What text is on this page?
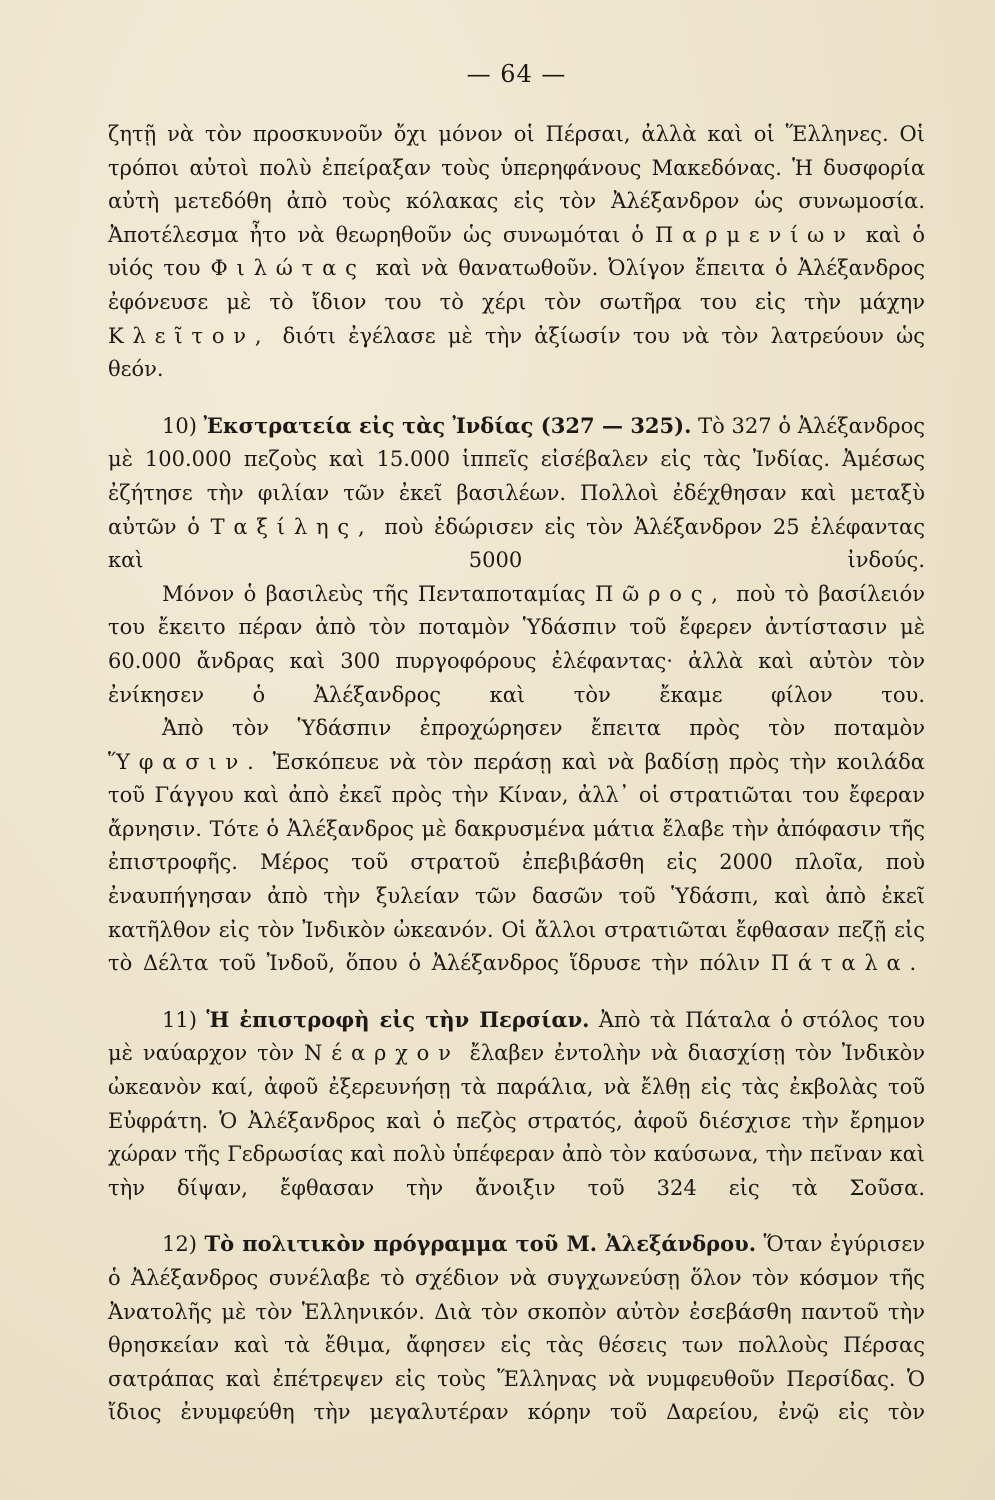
— 64 —

ζητῇ νὰ τὸν προσκυνοῦν ὄχι μόνον οἱ Πέρσαι, ἀλλὰ καὶ οἱ Ἕλληνες. Οἱ τρόποι αὐτοὶ πολὺ ἐπείραξαν τοὺς ὑπερηφάνους Μακεδόνας. Ἡ δυσφορία αὐτὴ μετεδόθη ἀπὸ τοὺς κόλακας εἰς τὸν Ἀλέξανδρον ὡς συνωμοσία. Ἀποτέλεσμα ἦτο νὰ θεωρηθοῦν ὡς συνωμόται ὁ Παρμενίων καὶ ὁ υἱός του Φιλώτας καὶ νὰ θανατωθοῦν. Ὀλίγον ἔπειτα ὁ Ἀλέξανδρος ἐφόνευσε μὲ τὸ ἴδιον του τὸ χέρι τὸν σωτῆρα του εἰς τὴν μάχην Κλεῖτον, διότι ἐγέλασε μὲ τὴν ἀξίωσίν του νὰ τὸν λατρεύουν ὡς θεόν.

10) Ἐκστρατεία εἰς τὰς Ἰνδίας (327 — 325). Τὸ 327 ὁ Ἀλέξανδρος μὲ 100.000 πεζοὺς καὶ 15.000 ἱππεῖς εἰσέβαλεν εἰς τὰς Ἰνδίας. Ἀμέσως ἐζήτησε τὴν φιλίαν τῶν ἐκεῖ βασιλέων. Πολλοὶ ἐδέχθησαν καὶ μεταξὺ αὐτῶν ὁ Ταξίλης, ποὺ ἐδώρισεν εἰς τὸν Ἀλέξανδρον 25 ἐλέφαντας καὶ 5000 ἰνδούς.

Μόνον ὁ βασιλεὺς τῆς Πενταποταμίας Πῶρος, ποὺ τὸ βασίλειόν του ἔκειτο πέραν ἀπὸ τὸν ποταμὸν Ὑδάσπιν τοῦ ἔφερεν ἀντίστασιν μὲ 60.000 ἄνδρας καὶ 300 πυργοφόρους ἐλέφαντας· ἀλλὰ καὶ αὐτὸν τὸν ἐνίκησεν ὁ Ἀλέξανδρος καὶ τὸν ἔκαμε φίλον του.

Ἀπὸ τὸν Ὑδάσπιν ἐπροχώρησεν ἔπειτα πρὸς τὸν ποταμὸν Ὕφασιν. Ἐσκόπευε νὰ τὸν περάσῃ καὶ νὰ βαδίσῃ πρὸς τὴν κοιλάδα τοῦ Γάγγου καὶ ἀπὸ ἐκεῖ πρὸς τὴν Κίναν, ἀλλ᾽ οἱ στρατιῶται του ἔφεραν ἄρνησιν. Τότε ὁ Ἀλέξανδρος μὲ δακρυσμένα μάτια ἔλαβε τὴν ἀπόφασιν τῆς ἐπιστροφῆς. Μέρος τοῦ στρατοῦ ἐπεβιβάσθη εἰς 2000 πλοῖα, ποὺ ἐναυπήγησαν ἀπὸ τὴν ξυλείαν τῶν δασῶν τοῦ Ὑδάσπι, καὶ ἀπὸ ἐκεῖ κατῆλθον εἰς τὸν Ἰνδικὸν ὠκεανόν. Οἱ ἄλλοι στρατιῶται ἔφθασαν πεζῇ εἰς τὸ Δέλτα τοῦ Ἰνδοῦ, ὅπου ὁ Ἀλέξανδρος ἵδρυσε τὴν πόλιν Πάταλα.

11) Ἡ ἐπιστροφὴ εἰς τὴν Περσίαν. Ἀπὸ τὰ Πάταλα ὁ στόλος του μὲ ναύαρχον τὸν Νέαρχον ἔλαβεν ἐντολὴν νὰ διασχίσῃ τὸν Ἰνδικὸν ὠκεανὸν καί, ἀφοῦ ἐξερευνήσῃ τὰ παράλια, νὰ ἔλθῃ εἰς τὰς ἐκβολὰς τοῦ Εὐφράτη. Ὁ Ἀλέξανδρος καὶ ὁ πεζὸς στρατός, ἀφοῦ διέσχισε τὴν ἔρημον χώραν τῆς Γεδρωσίας καὶ πολὺ ὑπέφεραν ἀπὸ τὸν καύσωνα, τὴν πεῖναν καὶ τὴν δίψαν, ἔφθασαν τὴν ἄνοιξιν τοῦ 324 εἰς τὰ Σοῦσα.

12) Τὸ πολιτικὸν πρόγραμμα τοῦ Μ. Ἀλεξάνδρου. Ὅταν ἐγύρισεν ὁ Ἀλέξανδρος συνέλαβε τὸ σχέδιον νὰ συγχωνεύσῃ ὅλον τὸν κόσμον τῆς Ἀνατολῆς μὲ τὸν Ἑλληνικόν. Διὰ τὸν σκοπὸν αὐτὸν ἐσεβάσθη παντοῦ τὴν θρησκείαν καὶ τὰ ἔθιμα, ἄφησεν εἰς τὰς θέσεις των πολλοὺς Πέρσας σατράπας καὶ ἐπέτρεψεν εἰς τοὺς Ἕλληνας νὰ νυμφευθοῦν Περσίδας. Ὁ ἴδιος ἐνυμφεύθη τὴν μεγαλυτέραν κόρην τοῦ Δαρείου, ἐνῷ εἰς τὸν
